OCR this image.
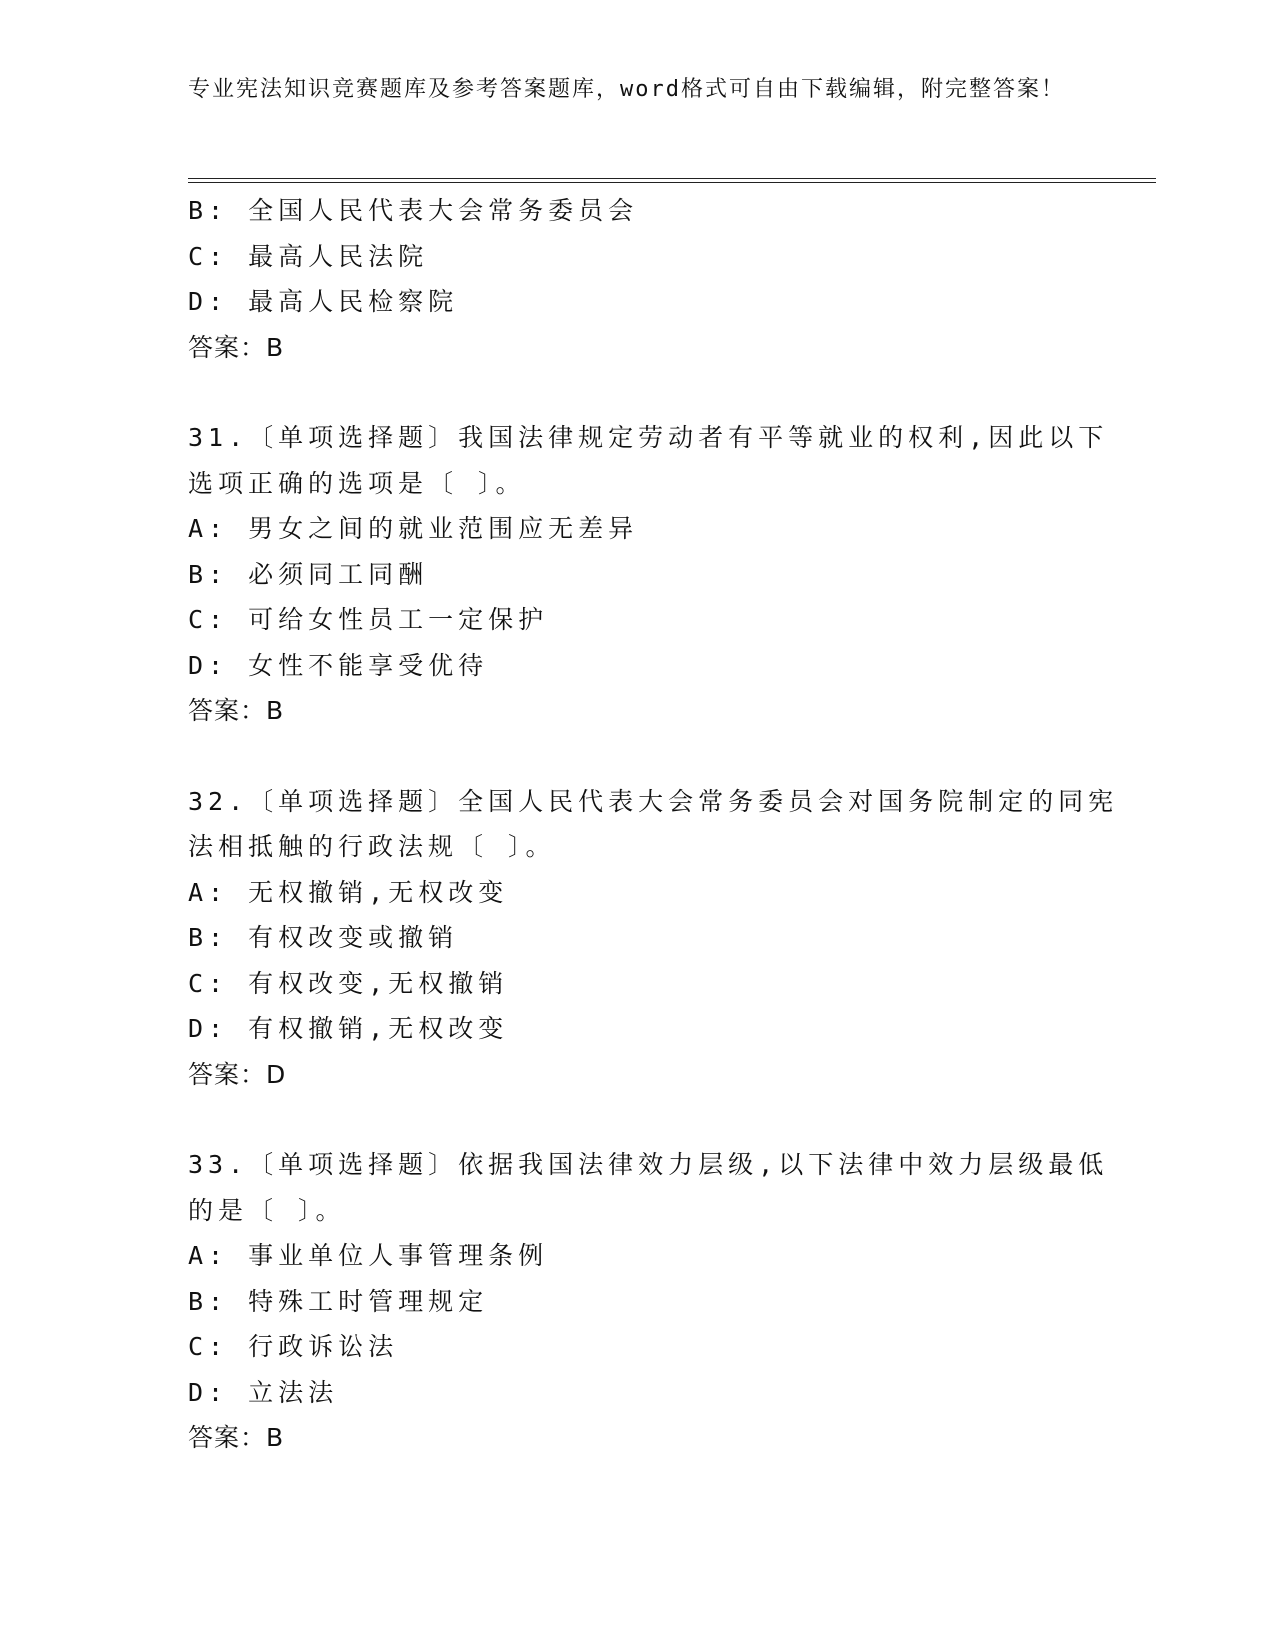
专业宪法知识竞赛题库及参考答案题库，word格式可自由下载编辑，附完整答案！
B: 全国人民代表大会常务委员会
C: 最高人民法院
D: 最高人民检察院
答案：B
31.〔单项选择题〕我国法律规定劳动者有平等就业的权利,因此以下
选项正确的选项是〔 〕。
A: 男女之间的就业范围应无差异
B: 必须同工同酬
C: 可给女性员工一定保护
D: 女性不能享受优待
答案：B
32.〔单项选择题〕全国人民代表大会常务委员会对国务院制定的同宪
法相抵触的行政法规〔 〕。
A: 无权撤销,无权改变
B: 有权改变或撤销
C: 有权改变,无权撤销
D: 有权撤销,无权改变
答案：D
33.〔单项选择题〕依据我国法律效力层级,以下法律中效力层级最低
的是〔 〕。
A: 事业单位人事管理条例
B: 特殊工时管理规定
C: 行政诉讼法
D: 立法法
答案：B
